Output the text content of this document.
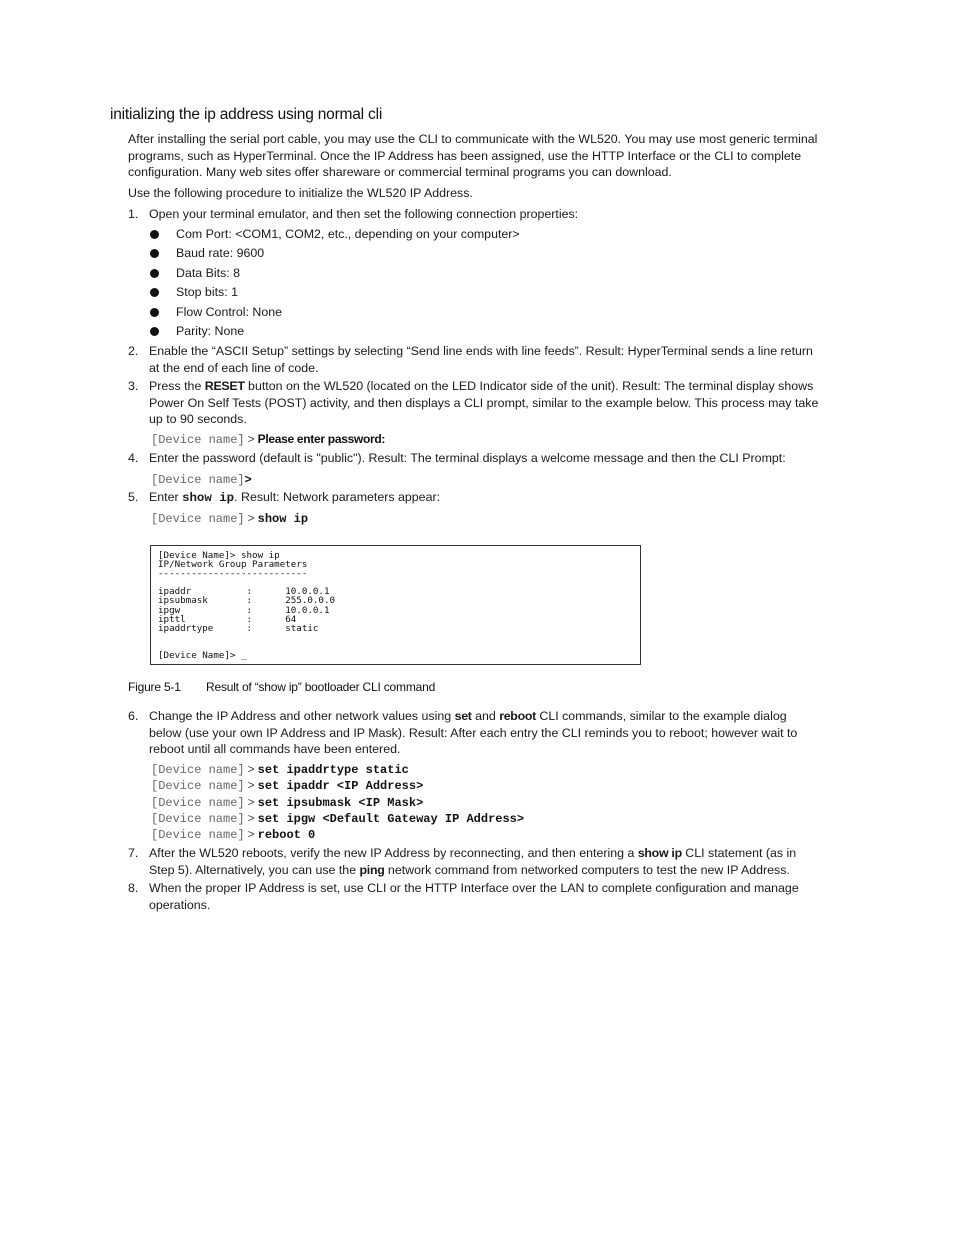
initializing the ip address using normal cli
After installing the serial port cable, you may use the CLI to communicate with the WL520. You may use most generic terminal programs, such as HyperTerminal. Once the IP Address has been assigned, use the HTTP Interface or the CLI to complete configuration. Many web sites offer shareware or commercial terminal programs you can download.
Use the following procedure to initialize the WL520 IP Address.
1. Open your terminal emulator, and then set the following connection properties:
Com Port: <COM1, COM2, etc., depending on your computer>
Baud rate: 9600
Data Bits: 8
Stop bits: 1
Flow Control: None
Parity: None
2. Enable the “ASCII Setup” settings by selecting “Send line ends with line feeds”. Result: HyperTerminal sends a line return at the end of each line of code.
3. Press the RESET button on the WL520 (located on the LED Indicator side of the unit). Result: The terminal display shows Power On Self Tests (POST) activity, and then displays a CLI prompt, similar to the example below. This process may take up to 90 seconds.
[Device name] > Please enter password:
4. Enter the password (default is "public"). Result: The terminal displays a welcome message and then the CLI Prompt:
[Device name]>
5. Enter show ip. Result: Network parameters appear:
[Device name] > show ip
[Device Name]> show ip
IP/Network Group Parameters
---------------------------

ipaddr          :      10.0.0.1
ipsubmask       :      255.0.0.0
ipgw            :      10.0.0.1
ipttl           :      64
ipaddrtype      :      static

[Device Name]> _
Figure 5-1 Result of “show ip” bootloader CLI command
6. Change the IP Address and other network values using set and reboot CLI commands, similar to the example dialog below (use your own IP Address and IP Mask). Result: After each entry the CLI reminds you to reboot; however wait to reboot until all commands have been entered.
[Device name] > set ipaddrtype static
[Device name] > set ipaddr <IP Address>
[Device name] > set ipsubmask <IP Mask>
[Device name] > set ipgw <Default Gateway IP Address>
[Device name] > reboot 0
7. After the WL520 reboots, verify the new IP Address by reconnecting, and then entering a show ip CLI statement (as in Step 5). Alternatively, you can use the ping network command from networked computers to test the new IP Address.
8. When the proper IP Address is set, use CLI or the HTTP Interface over the LAN to complete configuration and manage operations.
